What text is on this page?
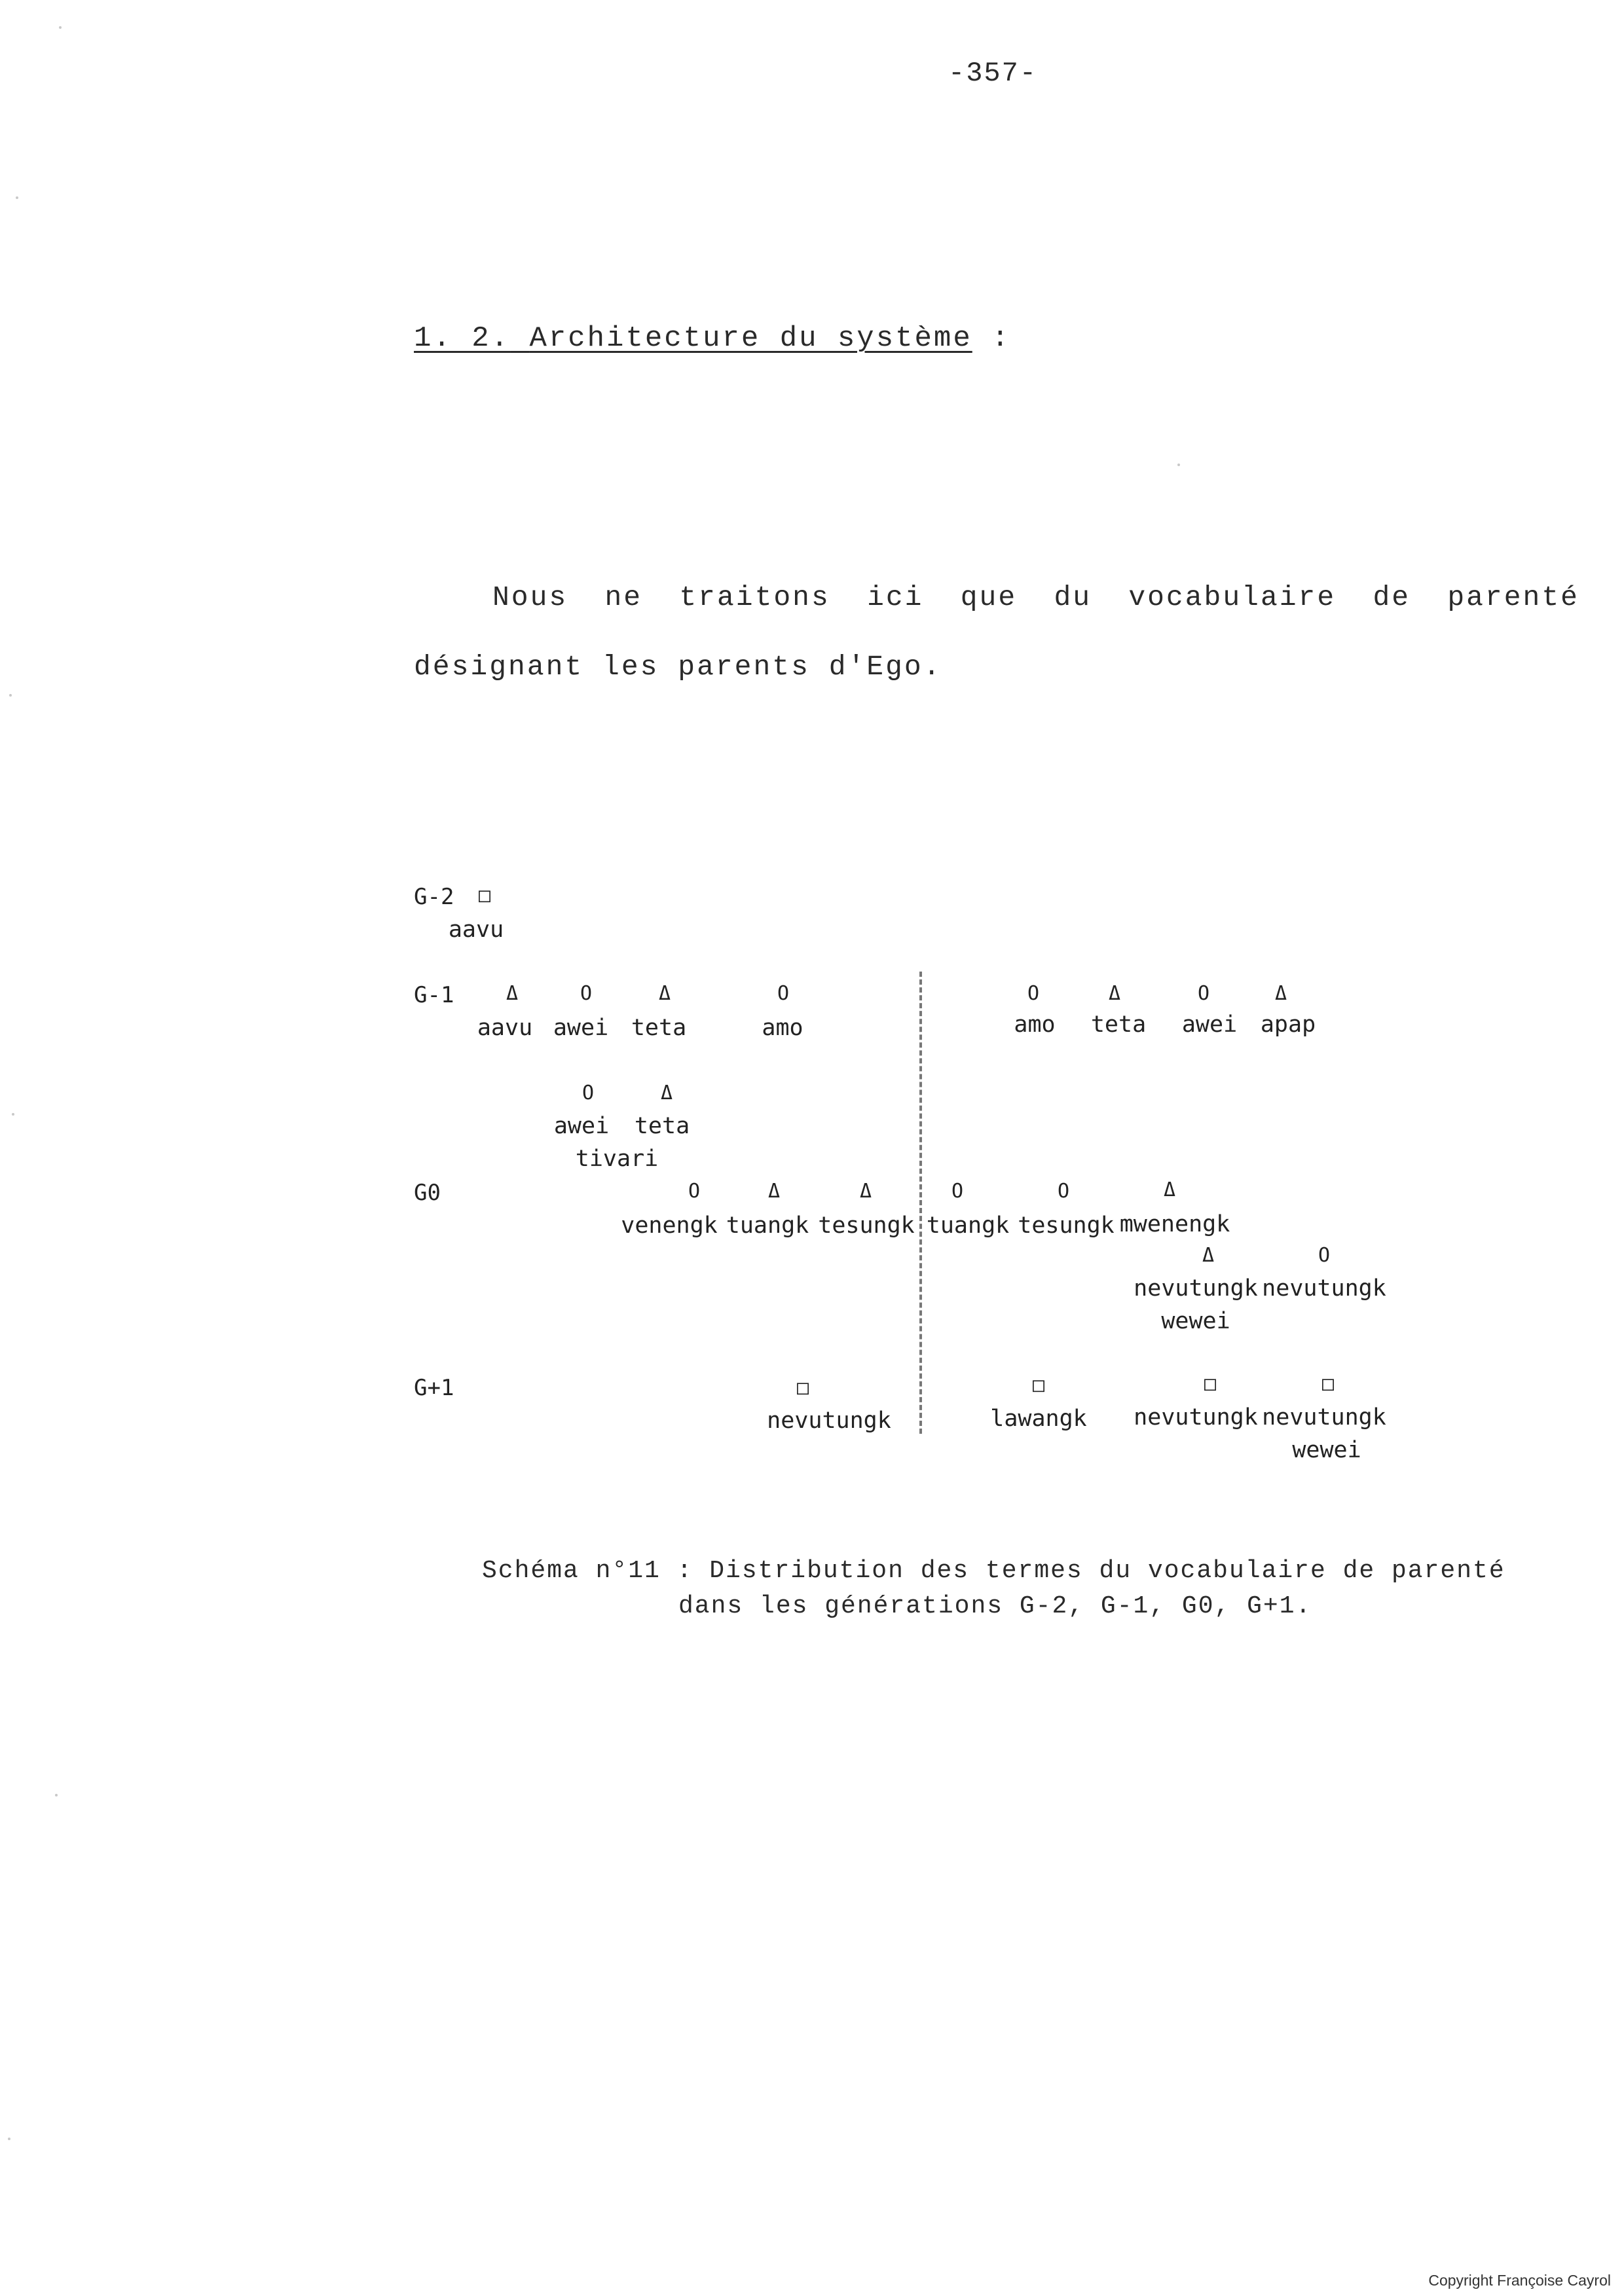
-357-
1. 2. Architecture du système :
Nous ne traitons ici que du vocabulaire de parenté
désignant les parents d'Ego.
G-2
G-1
G0
G+1
□
aavu
Δ
aavu
O
awei
Δ
teta
O
amo
O
awei
Δ
teta
tivari
O
amo
Δ
teta
O
awei
Δ
apap
O
venengk
Δ
tuangk
Δ
tesungk
O
tuangk
O
tesungk
Δ
mwenengk
Δ
nevutungk
wewei
O
nevutungk
□
nevutungk
□
lawangk
□
nevutungk
□
nevutungk
wewei
Schéma n°11 : Distribution des termes du vocabulaire de parenté
dans les générations G-2, G-1, G0, G+1.
Copyright Françoise Cayrol
